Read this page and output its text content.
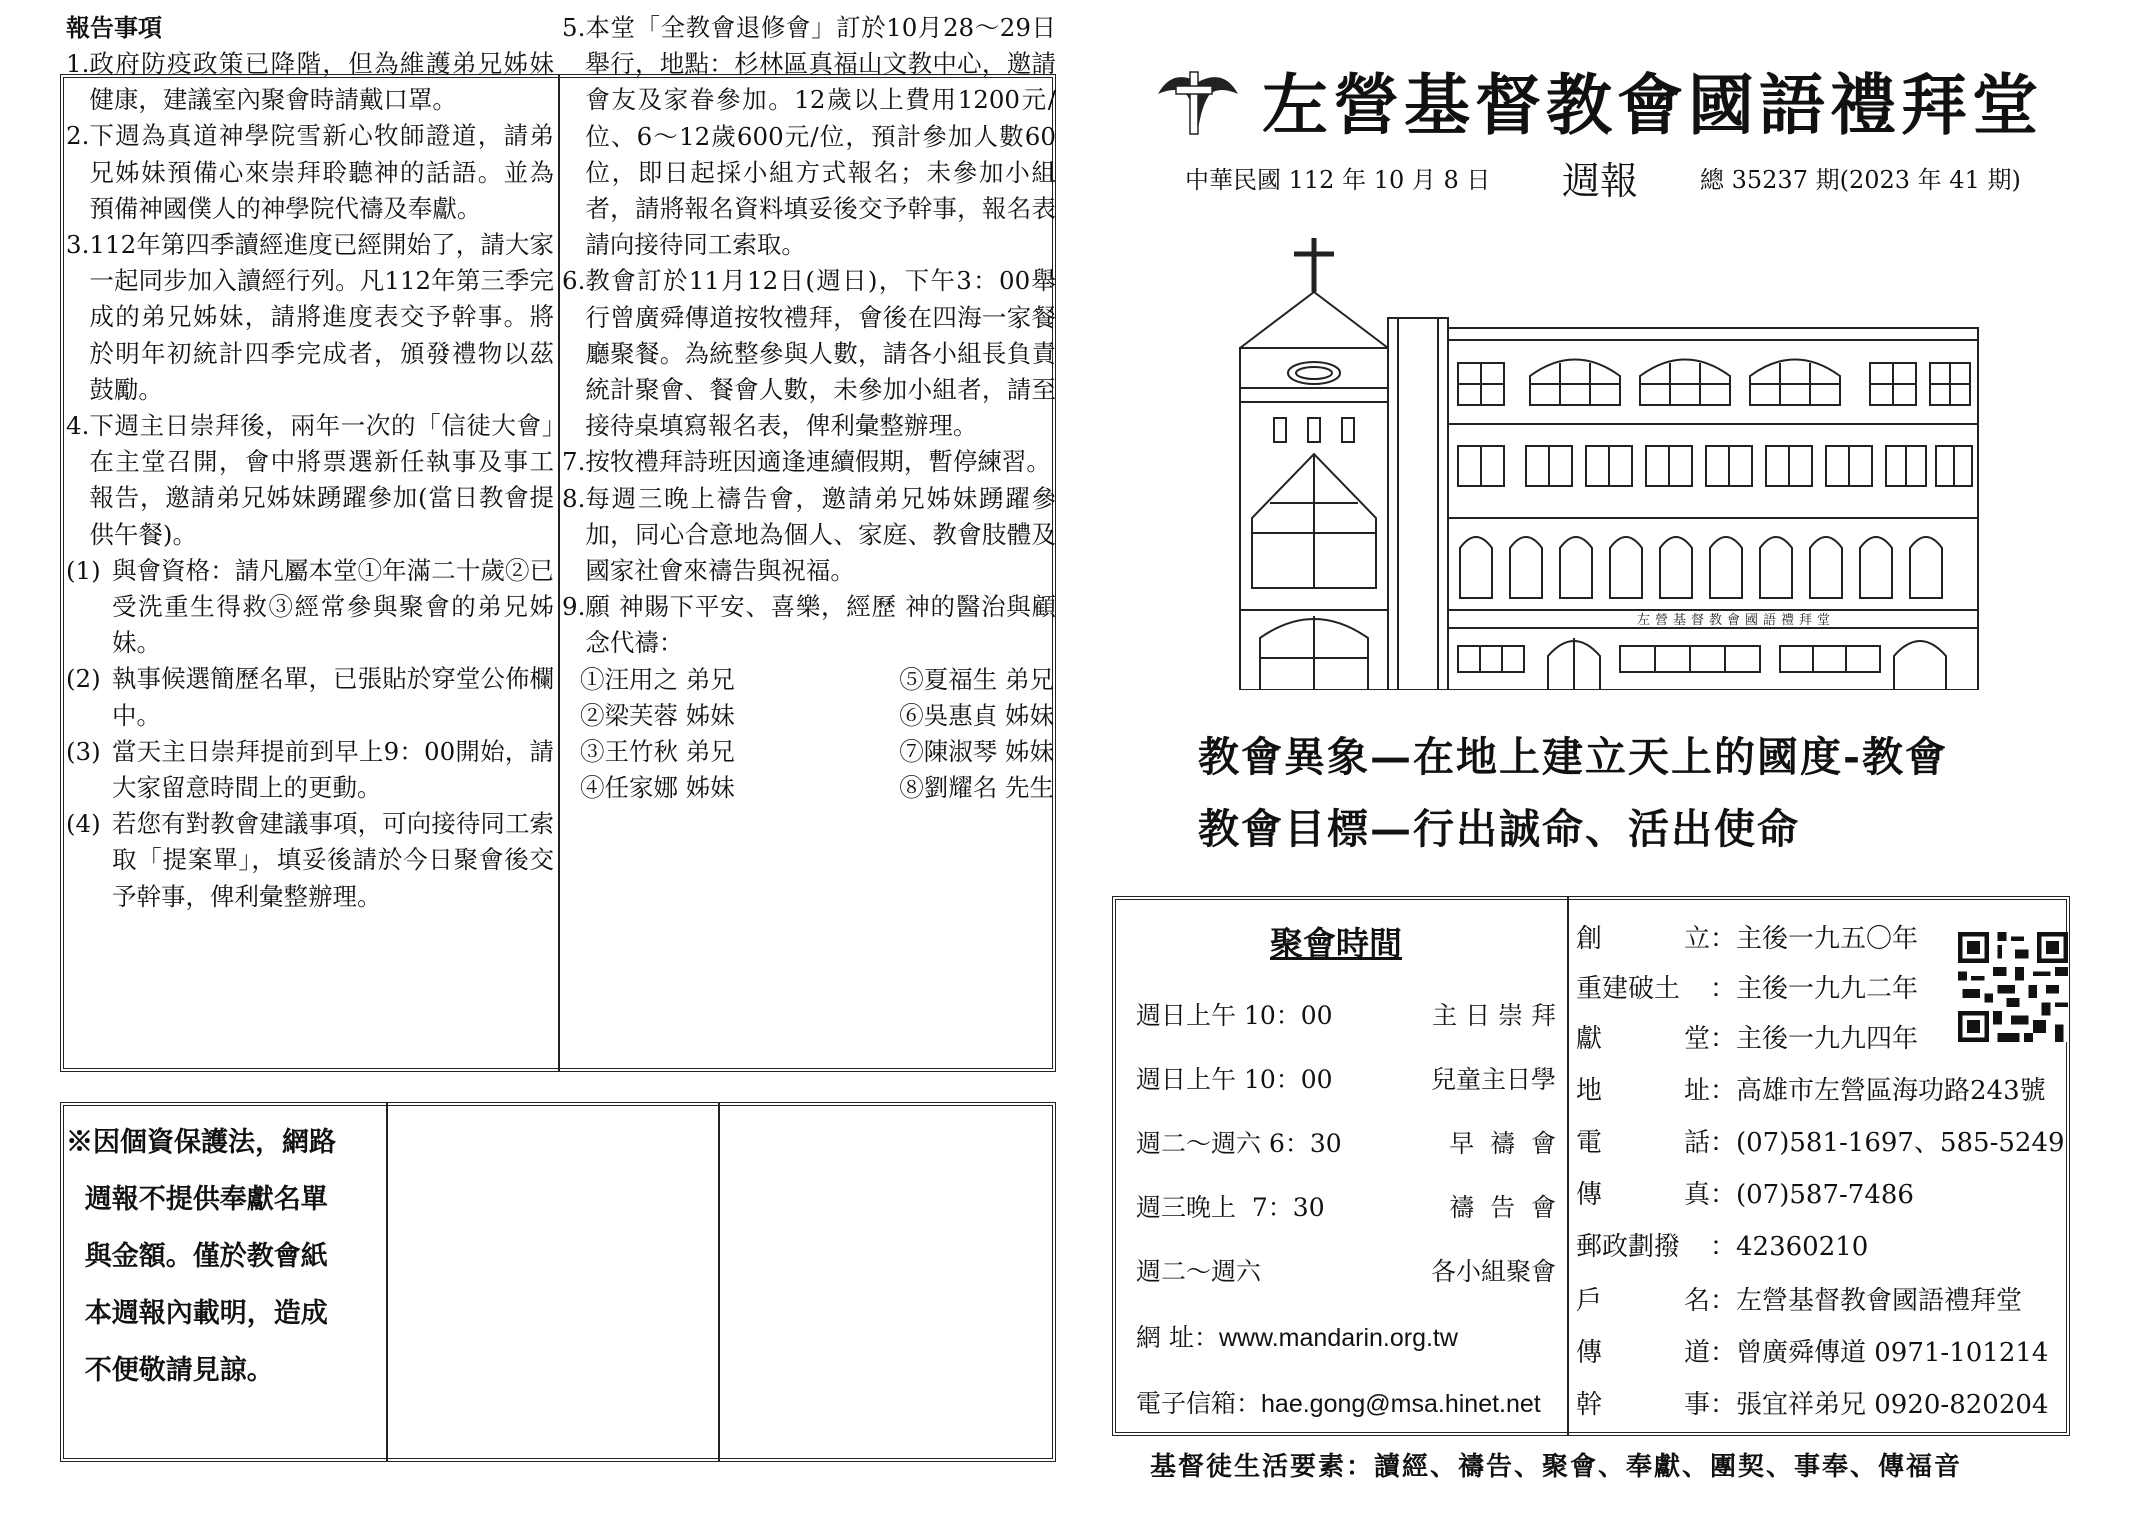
報告事項
1. 政府防疫政策已降階，但為維護弟兄姊妹健康，建議室內聚會時請戴口罩。
2. 下週為真道神學院雪新心牧師證道，請弟兄姊妹預備心來崇拜聆聽神的話語。並為預備神國僕人的神學院代禱及奉獻。
3. 112年第四季讀經進度已經開始了，請大家一起同步加入讀經行列。凡112年第三季完成的弟兄姊妹，請將進度表交予幹事。將於明年初統計四季完成者，頒發禮物以茲鼓勵。
4. 下週主日崇拜後，兩年一次的「信徒大會」在主堂召開，會中將票選新任執事及事工報告，邀請弟兄姊妹踴躍參加(當日教會提供午餐)。
(1) 與會資格：請凡屬本堂①年滿二十歲②已受洗重生得救③經常參與聚會的弟兄姊妹。
(2) 執事候選簡歷名單，已張貼於穿堂公佈欄中。
(3) 當天主日崇拜提前到早上9：00開始，請大家留意時間上的更動。
(4) 若您有對教會建議事項，可向接待同工索取「提案單」，填妥後請於今日聚會後交予幹事，俾利彙整辦理。
5. 本堂「全教會退修會」訂於10月28～29日舉行，地點：杉林區真福山文教中心，邀請會友及家眷參加。12歲以上費用1200元/位、6～12歲600元/位，預計參加人數60位，即日起採小組方式報名；未參加小組者，請將報名資料填妥後交予幹事，報名表請向接待同工索取。
6. 教會訂於11月12日(週日)，下午3：00舉行曾廣舜傳道按牧禮拜，會後在四海一家餐廳聚餐。為統整參與人數，請各小組長負責統計聚會、餐會人數，未參加小組者，請至接待桌填寫報名表，俾利彙整辦理。
7. 按牧禮拜詩班因適逢連續假期，暫停練習。
8. 每週三晚上禱告會，邀請弟兄姊妹踴躍參加，同心合意地為個人、家庭、教會肢體及國家社會來禱告與祝福。
9. 願 神賜下平安、喜樂，經歷 神的醫治與顧念代禱：
①汪用之 弟兄	⑤夏福生 弟兄
②梁芙蓉 姊妹	⑥吳惠貞 姊妹
③王竹秋 弟兄	⑦陳淑琴 姊妹
④任家娜 姊妹	⑧劉耀名 先生
※因個資保護法，網路
週報不提供奉獻名單
與金額。僅於教會紙
本週報內載明，造成
不便敬請見諒。
左營基督教會國語禮拜堂
中華民國 112 年 10 月 8 日 週報	總 35237 期(2023 年 41 期)
左營基督教會國語禮拜堂
教會異象—在地上建立天上的國度-教會
教會目標—行出誠命、活出使命
聚會時間
週日上午 10：00	主 日 崇 拜
週日上午 10：00	兒童主日學
週二～週六 6：30	早  禱  會
週三晚上  7：30	禱  告  會
週二～週六	各小組聚會
網 址：www.mandarin.org.tw
電子信箱：hae.gong@msa.hinet.net
創	立 ：主後一九五〇年
重建破土 ：主後一九九二年
獻	堂 ：主後一九九四年
地	址 ：高雄市左營區海功路243號
電	話 ：(07)581-1697、585-5249
傳	真 ：(07)587-7486
郵政劃撥 ：42360210
戶	名 ：左營基督教會國語禮拜堂
傳	道 ：曾廣舜傳道 0971-101214
幹	事 ：張宜祥弟兄 0920-820204
基督徒生活要素：讀經、禱告、聚會、奉獻、團契、事奉、傳福音
